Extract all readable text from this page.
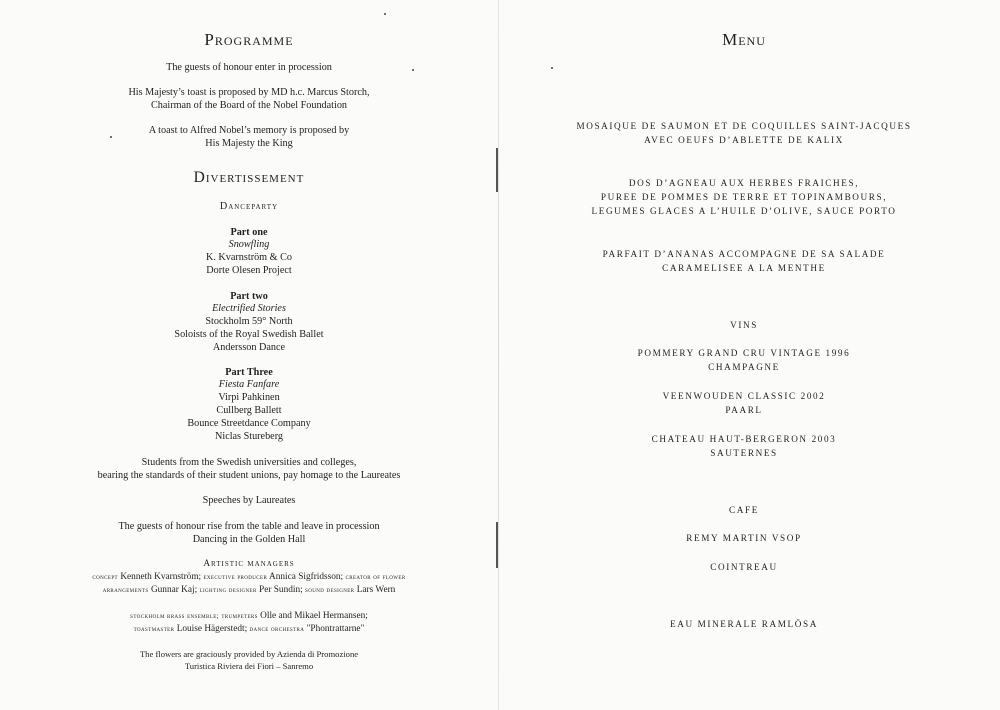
Programme
The guests of honour enter in procession
His Majesty’s toast is proposed by MD h.c. Marcus Storch,
Chairman of the Board of the Nobel Foundation
A toast to Alfred Nobel’s memory is proposed by
His Majesty the King
Divertissement
Danceparty
Part one
Snowfling
K. Kvarnström & Co
Dorte Olesen Project
Part two
Electrified Stories
Stockholm 59° North
Soloists of the Royal Swedish Ballet
Andersson Dance
Part Three
Fiesta Fanfare
Virpi Pahkinen
Cullberg Ballett
Bounce Streetdance Company
Niclas Stureberg
Students from the Swedish universities and colleges,
bearing the standards of their student unions, pay homage to the Laureates
Speeches by Laureates
The guests of honour rise from the table and leave in procession
Dancing in the Golden Hall
Artistic managers
concept Kenneth Kvarnström; executive producer Annica Sigfridsson; creator of flower
arrangements Gunnar Kaj; lighting designer Per Sundin; sound designer Lars Wern
stockholm brass ensemble; trumpeters Olle and Mikael Hermansen;
toastmaster Louise Hägerstedt; dance orchestra "Phontrattarne"
The flowers are graciously provided by Azienda di Promozione
Turistica Riviera dei Fiori – Sanremo
Menu
MOSAIQUE DE SAUMON ET DE COQUILLES SAINT-JACQUES
AVEC OEUFS D’ABLETTE DE KALIX
DOS D’AGNEAU AUX HERBES FRAICHES,
PUREE DE POMMES DE TERRE ET TOPINAMBOURS,
LEGUMES GLACES A L’HUILE D’OLIVE, SAUCE PORTO
PARFAIT D’ANANAS ACCOMPAGNE DE SA SALADE
CARAMELISEE A LA MENTHE
VINS
POMMERY GRAND CRU VINTAGE 1996
CHAMPAGNE
VEENWOUDEN CLASSIC 2002
PAARL
CHATEAU HAUT-BERGERON 2003
SAUTERNES
CAFE
REMY MARTIN VSOP
COINTREAU
EAU MINERALE RAMLÖSA
